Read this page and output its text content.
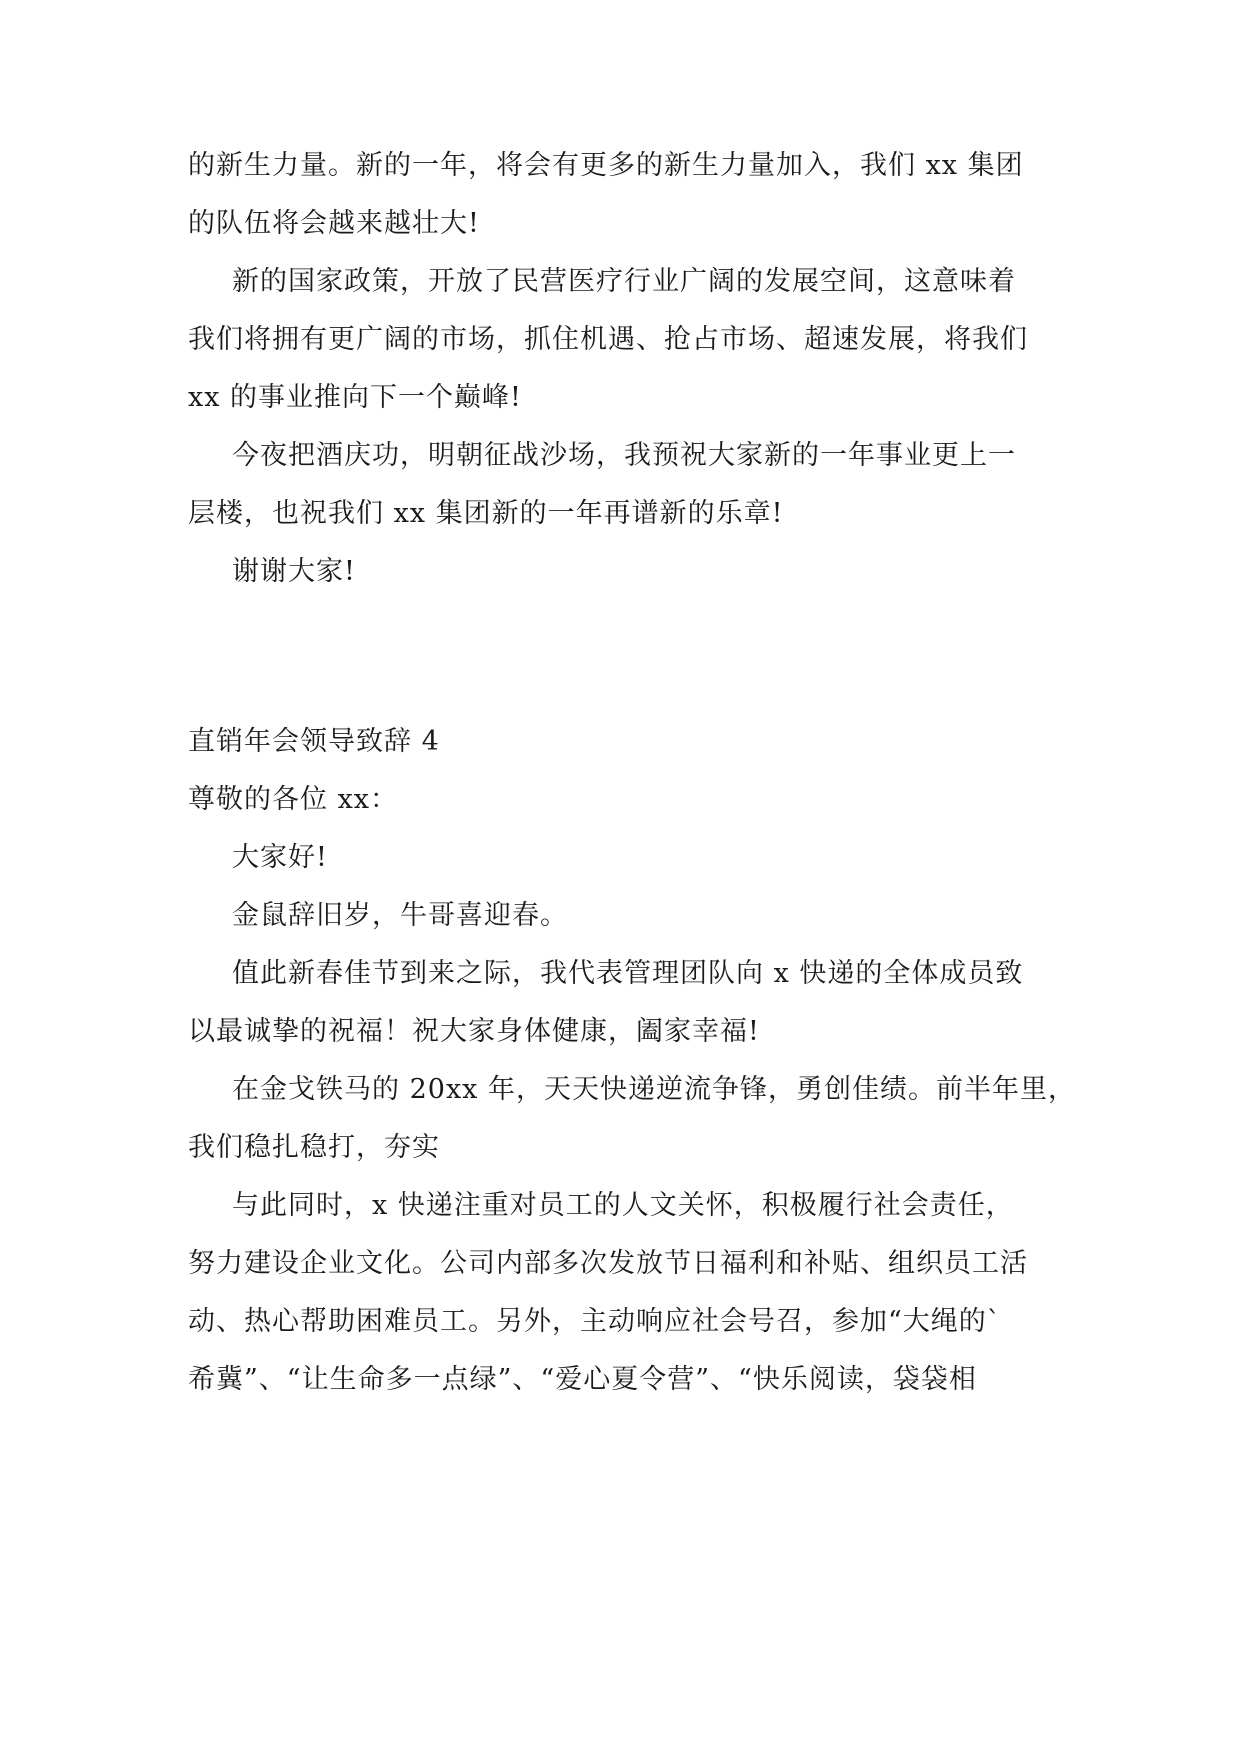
的新生力量。新的一年，将会有更多的新生力量加入，我们 xx 集团
的队伍将会越来越壮大!
新的国家政策，开放了民营医疗行业广阔的发展空间，这意味着
我们将拥有更广阔的市场，抓住机遇、抢占市场、超速发展，将我们
xx 的事业推向下一个巅峰!
今夜把酒庆功，明朝征战沙场，我预祝大家新的一年事业更上一
层楼，也祝我们 xx 集团新的一年再谱新的乐章!
谢谢大家!
直销年会领导致辞 4
尊敬的各位 xx：
大家好!
金鼠辞旧岁，牛哥喜迎春。
值此新春佳节到来之际，我代表管理团队向 x 快递的全体成员致
以最诚挚的祝福！祝大家身体健康，阖家幸福!
在金戈铁马的 20xx 年，天天快递逆流争锋，勇创佳绩。前半年里，
我们稳扎稳打，夯实
与此同时，x 快递注重对员工的人文关怀，积极履行社会责任，
努力建设企业文化。公司内部多次发放节日福利和补贴、组织员工活
动、热心帮助困难员工。另外，主动响应社会号召，参加“大绳的`
希冀”、“让生命多一点绿”、“爱心夏令营”、“快乐阅读，袋袋相
